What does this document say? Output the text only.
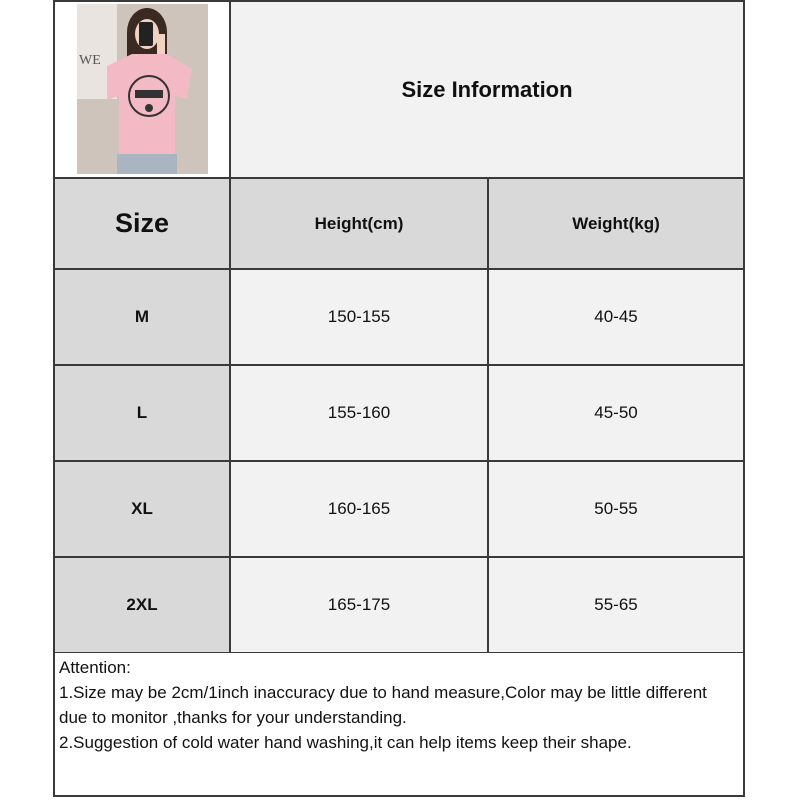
WE
Size Information
Size	Height(cm)	Weight(kg)
M	150-155	40-45
L	155-160	45-50
XL	160-165	50-55
2XL	165-175	55-65

Attention:

1.Size may be 2cm/1inch inaccuracy due to hand measure,Color may be little different due to monitor ,thanks for your understanding.

2.Suggestion of cold water hand washing,it can help items keep their shape.
